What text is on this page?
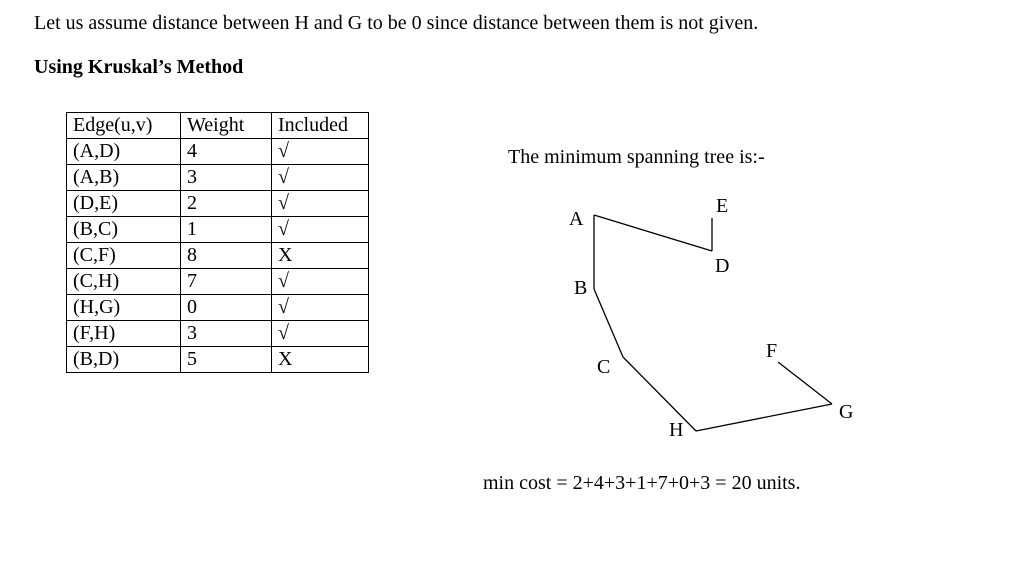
Let us assume distance between H and G to be 0 since distance between them is not given.
Using Kruskal’s Method
Edge(u,v)	Weight	Included
(A,D)	4	√
(A,B)	3	√
(D,E)	2	√
(B,C)	1	√
(C,F)	8	X
(C,H)	7	√
(H,G)	0	√
(F,H)	3	√
(B,D)	5	X
The minimum spanning tree is:-
A
E
D
B
F
C
G
H
min cost = 2+4+3+1+7+0+3 = 20 units.
